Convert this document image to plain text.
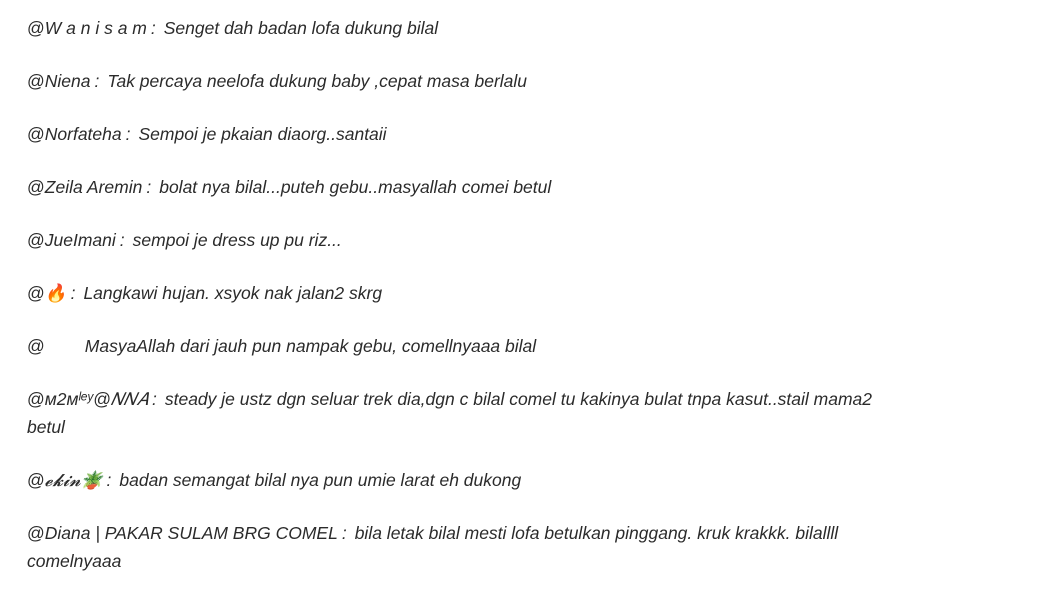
@W a n i s a m : Senget dah badan lofa dukung bilal
@Niena : Tak percaya neelofa dukung baby ,cepat masa berlalu
@Norfateha : Sempoi je pkaian diaorg..santaii
@Zeila Aremin : bolat nya bilal...puteh gebu..masyallah comei betul
@JueImani : sempoi je dress up pu riz...
@🔥 : Langkawi hujan. xsyok nak jalan2 skrg
@ MasyaAllah dari jauh pun nampak gebu, comellnyaaa bilal
@м2мˡᵉʸ@𝑁𝑁𝐴 : steady je ustz dgn seluar trek dia,dgn c bilal comel tu kakinya bulat tnpa kasut..stail mama2 betul
@𝓮𝓴𝓲𝓷🪴 : badan semangat bilal nya pun umie larat eh dukong
@Diana | PAKAR SULAM BRG COMEL : bila letak bilal mesti lofa betulkan pinggang. kruk krakkk. bilallll comelnyaaa
